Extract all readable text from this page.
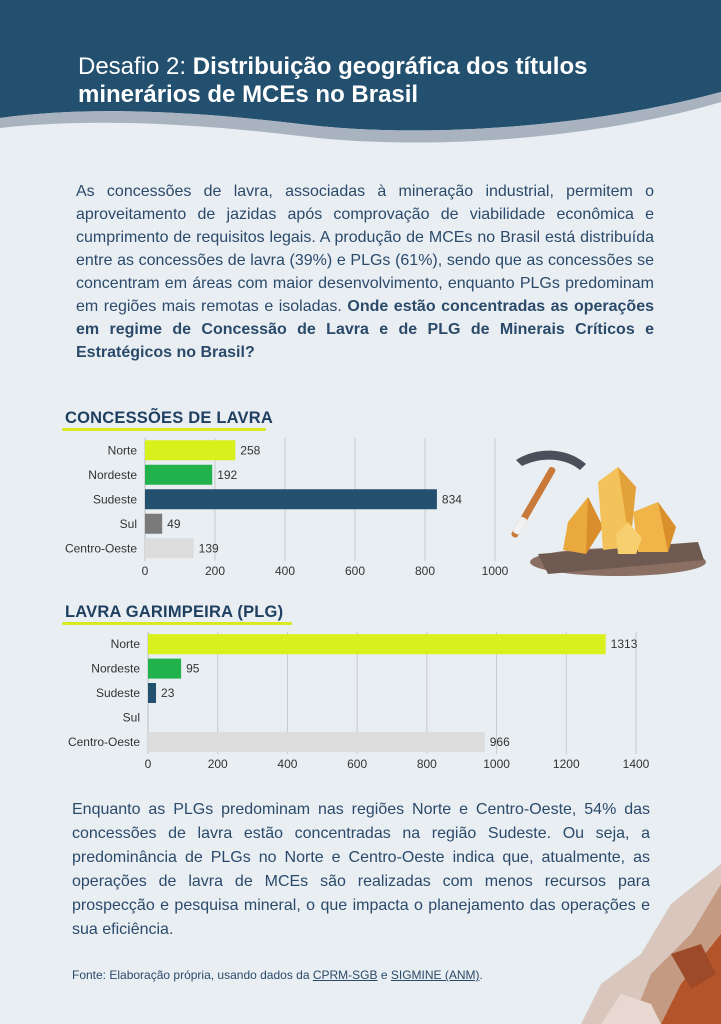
Desafio 2: Distribuição geográfica dos títulos minerários de MCEs no Brasil

As concessões de lavra, associadas à mineração industrial, permitem o aproveitamento de jazidas após comprovação de viabilidade econômica e cumprimento de requisitos legais. A produção de MCEs no Brasil está distribuída entre as concessões de lavra (39%) e PLGs (61%), sendo que as concessões se concentram em áreas com maior desenvolvimento, enquanto PLGs predominam em regiões mais remotas e isoladas. Onde estão concentradas as operações em regime de Concessão de Lavra e de PLG de Minerais Críticos e Estratégicos no Brasil?

CONCESSÕES DE LAVRA
Norte	258
Nordeste	192
Sudeste	834
Sul	49
Centro-Oeste	139
0	200	400	600	800	1000
LAVRA GARIMPEIRA (PLG)
Norte	1313
Nordeste	95
Sudeste 23
Sul
Centro-Oeste	966
0	200	400	600	800	1000	1200	1400

Enquanto as PLGs predominam nas regiões Norte e Centro-Oeste, 54% das concessões de lavra estão concentradas na região Sudeste. Ou seja, a predominância de PLGs no Norte e Centro-Oeste indica que, atualmente, as operações de lavra de MCEs são realizadas com menos recursos para prospecção e pesquisa mineral, o que impacta o planejamento das operações e sua eficiência.

Fonte: Elaboração própria, usando dados da CPRM-SGB e SIGMINE (ANM).
